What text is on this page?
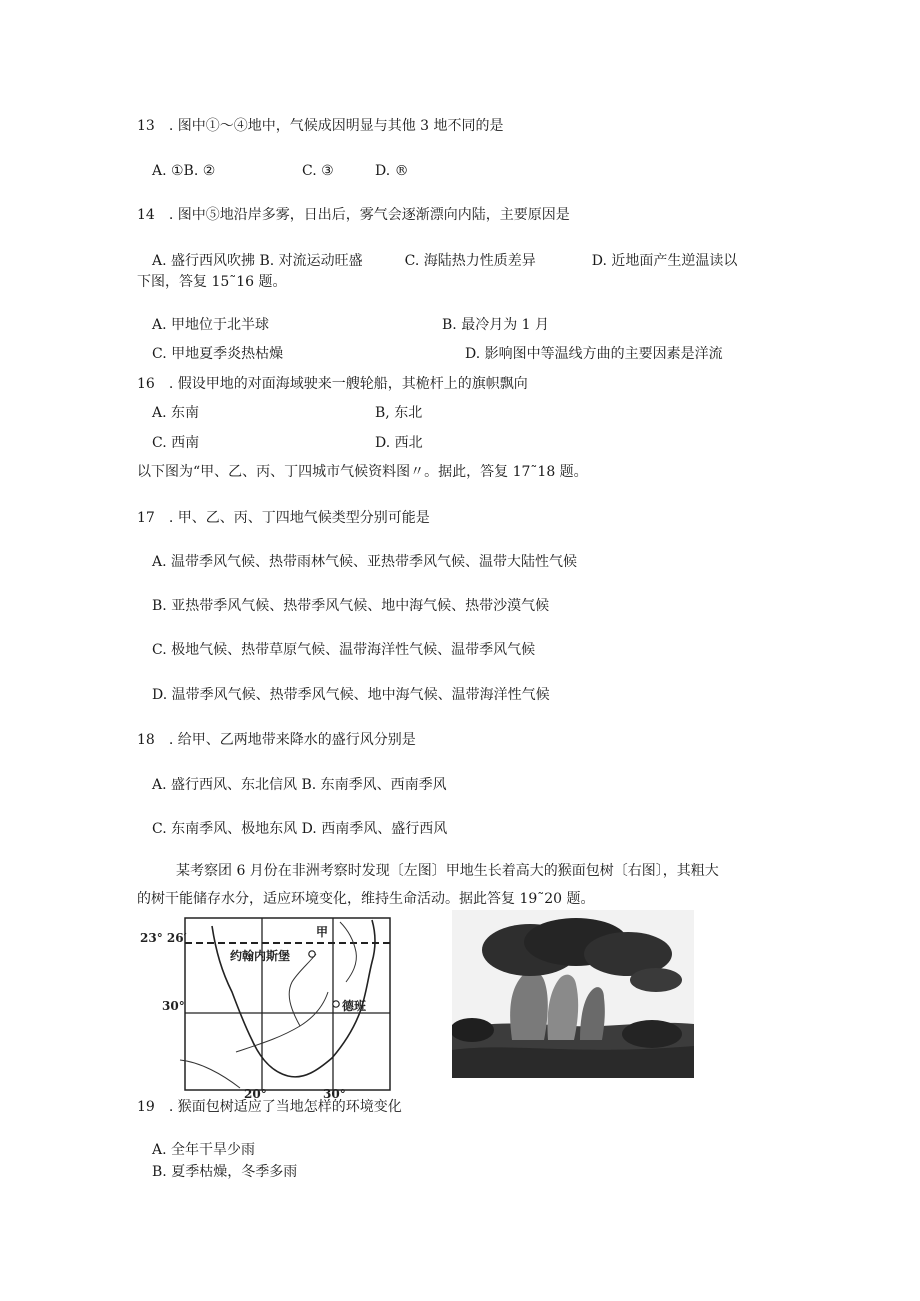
13　. 图中①～④地中，气候成因明显与其他 3 地不同的是
A. ①B. ②	C. ③	D. ®
14　. 图中⑤地沿岸多雾，日出后，雾气会逐渐漂向内陆，主要原因是
A. 盛行西风吹拂 B. 对流运动旺盛　　　C. 海陆热力性质差异　　　　D. 近地面产生逆温读以
下图，答复 15˜16 题。
A. 甲地位于北半球	B. 最冷月为 1 月
C. 甲地夏季炎热枯燥	D. 影响图中等温线方曲的主要因素是洋流
16　. 假设甲地的对面海域驶来一艘轮船，其桅杆上的旗帜飘向
A. 东南	B, 东北
C. 西南	D. 西北
以下图为“甲、乙、丙、丁四城市气候资料图〃。据此，答复 17˜18 题。
17　. 甲、乙、丙、丁四地气候类型分别可能是
A. 温带季风气候、热带雨林气候、亚热带季风气候、温带大陆性气候
B. 亚热带季风气候、热带季风气候、地中海气候、热带沙漠气候
C. 极地气候、热带草原气候、温带海洋性气候、温带季风气候
D. 温带季风气候、热带季风气候、地中海气候、温带海洋性气候
18　. 给甲、乙两地带来降水的盛行风分别是
A. 盛行西风、东北信风 B. 东南季风、西南季风
C. 东南季风、极地东风 D. 西南季风、盛行西风
某考察团 6 月份在非洲考察时发现〔左图〕甲地生长着高大的猴面包树〔右图〕，其粗大
的树干能储存水分，适应环境变化，维持生命活动。据此答复 19˜20 题。
23° 26′
30°
20°	30°
甲
约翰内斯堡
德班
19　. 猴面包树适应了当地怎样的环境变化
A. 全年干旱少雨
B. 夏季枯燥，冬季多雨
